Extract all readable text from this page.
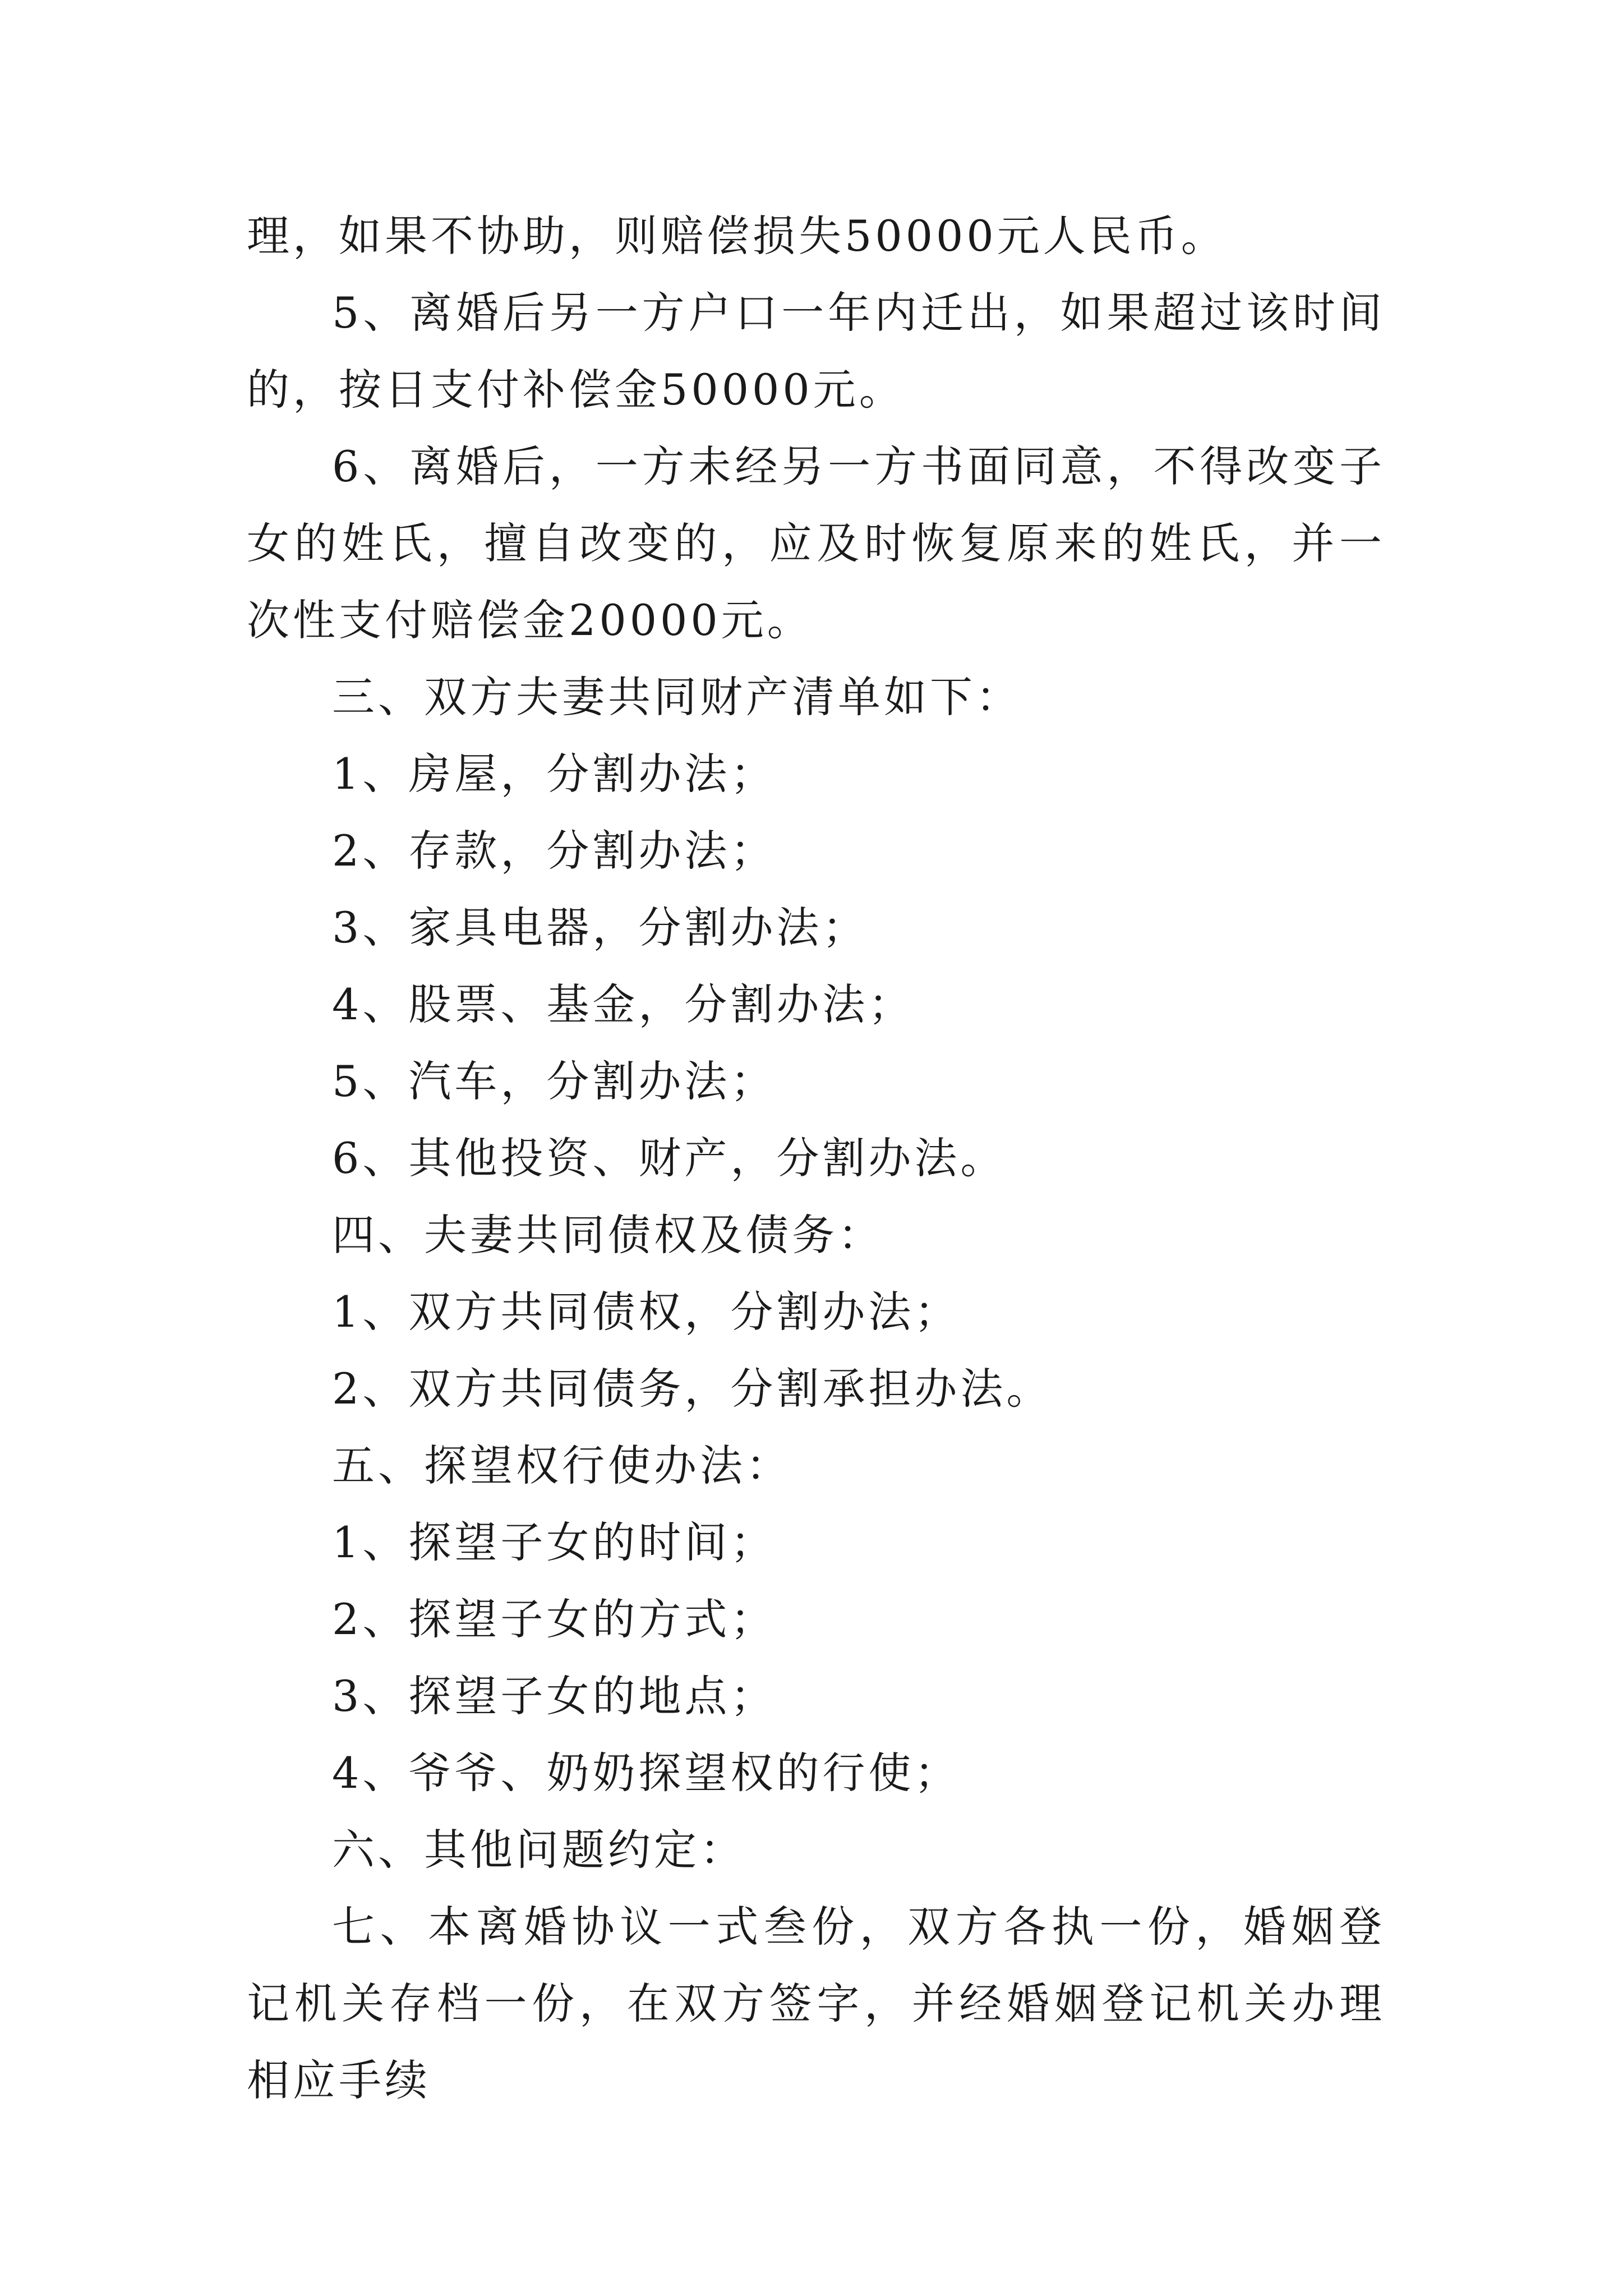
理，如果不协助，则赔偿损失50000元人民币。

5、离婚后另一方户口一年内迁出，如果超过该时间的，按日支付补偿金50000元。

6、离婚后，一方未经另一方书面同意，不得改变子女的姓氏，擅自改变的，应及时恢复原来的姓氏，并一次性支付赔偿金20000元。

三、双方夫妻共同财产清单如下：

1、房屋，分割办法；

2、存款，分割办法；

3、家具电器，分割办法；

4、股票、基金，分割办法；

5、汽车，分割办法；

6、其他投资、财产，分割办法。

四、夫妻共同债权及债务：

1、双方共同债权，分割办法；

2、双方共同债务，分割承担办法。

五、探望权行使办法：

1、探望子女的时间；

2、探望子女的方式；

3、探望子女的地点；

4、爷爷、奶奶探望权的行使；

六、其他问题约定：

七、本离婚协议一式叁份，双方各执一份，婚姻登记机关存档一份，在双方签字，并经婚姻登记机关办理相应手续
